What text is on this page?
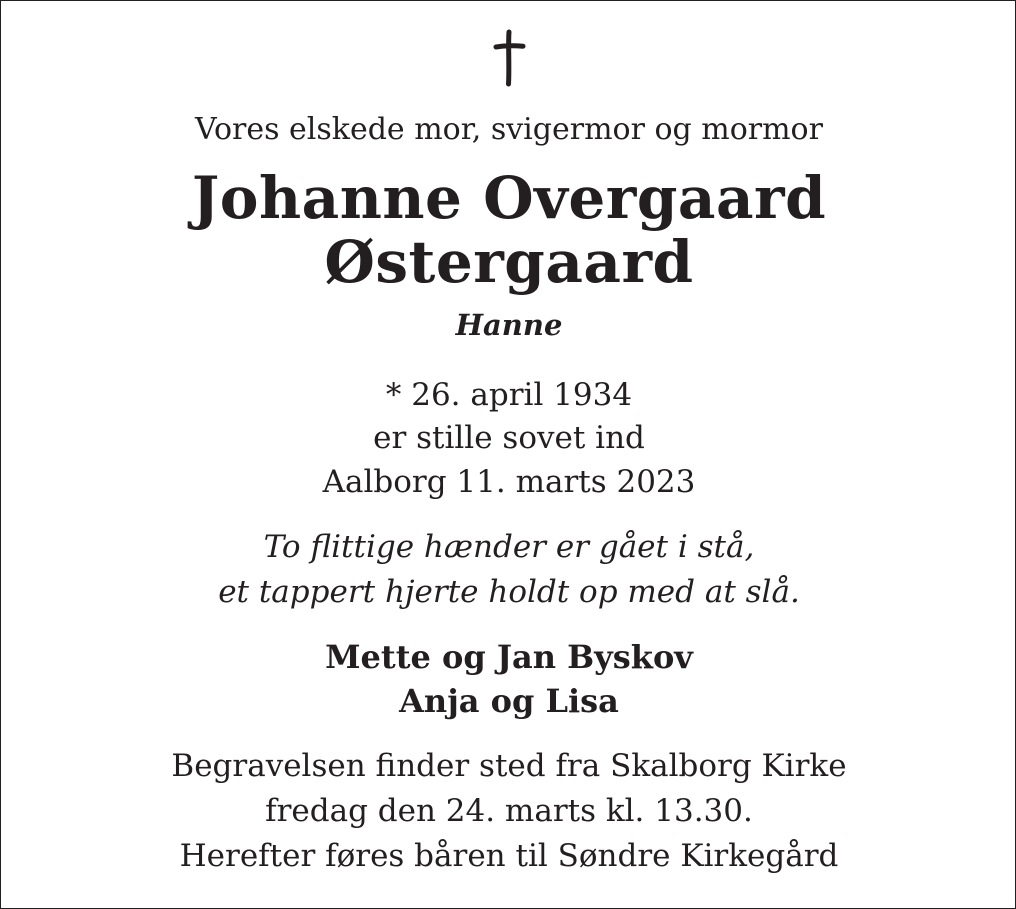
Vores elskede mor, svigermor og mormor
Johanne Overgaard
Østergaard
Hanne
* 26. april 1934
er stille sovet ind
Aalborg 11. marts 2023
To flittige hænder er gået i stå,
et tappert hjerte holdt op med at slå.
Mette og Jan Byskov
Anja og Lisa
Begravelsen finder sted fra Skalborg Kirke
fredag den 24. marts kl. 13.30.
Herefter føres båren til Søndre Kirkegård
